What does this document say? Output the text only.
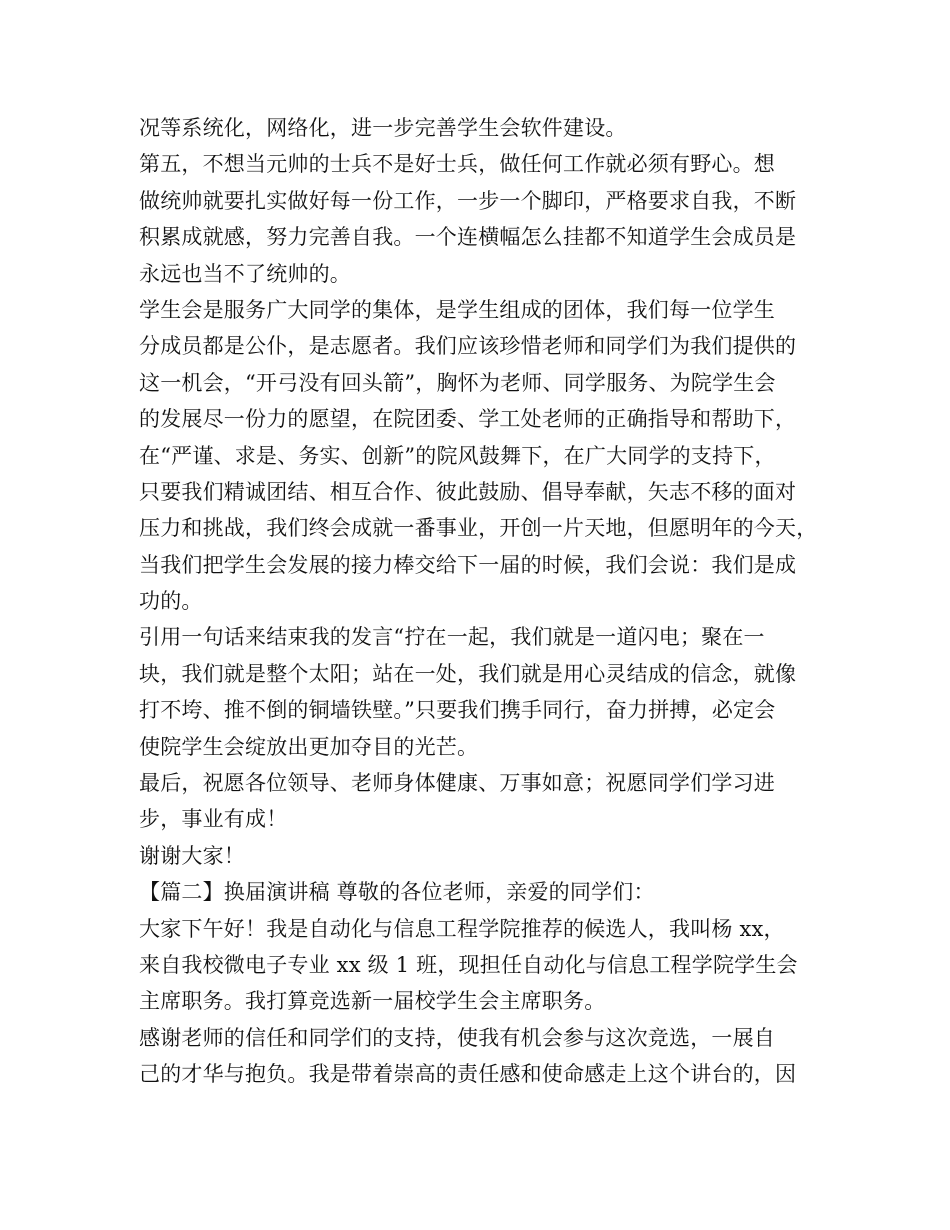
况等系统化，网络化，进一步完善学生会软件建设。
第五，不想当元帅的士兵不是好士兵，做任何工作就必须有野心。想
做统帅就要扎实做好每一份工作，一步一个脚印，严格要求自我，不断
积累成就感，努力完善自我。一个连横幅怎么挂都不知道学生会成员是
永远也当不了统帅的。
学生会是服务广大同学的集体，是学生组成的团体，我们每一位学生
分成员都是公仆，是志愿者。我们应该珍惜老师和同学们为我们提供的
这一机会，“开弓没有回头箭”，胸怀为老师、同学服务、为院学生会
的发展尽一份力的愿望，在院团委、学工处老师的正确指导和帮助下，
在“严谨、求是、务实、创新”的院风鼓舞下，在广大同学的支持下，
只要我们精诚团结、相互合作、彼此鼓励、倡导奉献，矢志不移的面对
压力和挑战，我们终会成就一番事业，开创一片天地，但愿明年的今天，
当我们把学生会发展的接力棒交给下一届的时候，我们会说：我们是成
功的。
引用一句话来结束我的发言“拧在一起，我们就是一道闪电；聚在一
块，我们就是整个太阳；站在一处，我们就是用心灵结成的信念，就像
打不垮、推不倒的铜墙铁壁。”只要我们携手同行，奋力拼搏，必定会
使院学生会绽放出更加夺目的光芒。
最后，祝愿各位领导、老师身体健康、万事如意；祝愿同学们学习进
步，事业有成！
谢谢大家！
【篇二】换届演讲稿 尊敬的各位老师，亲爱的同学们：
大家下午好！我是自动化与信息工程学院推荐的候选人，我叫杨 xx，
来自我校微电子专业 xx 级 1 班，现担任自动化与信息工程学院学生会
主席职务。我打算竞选新一届校学生会主席职务。
感谢老师的信任和同学们的支持，使我有机会参与这次竞选，一展自
己的才华与抱负。我是带着崇高的责任感和使命感走上这个讲台的，因
